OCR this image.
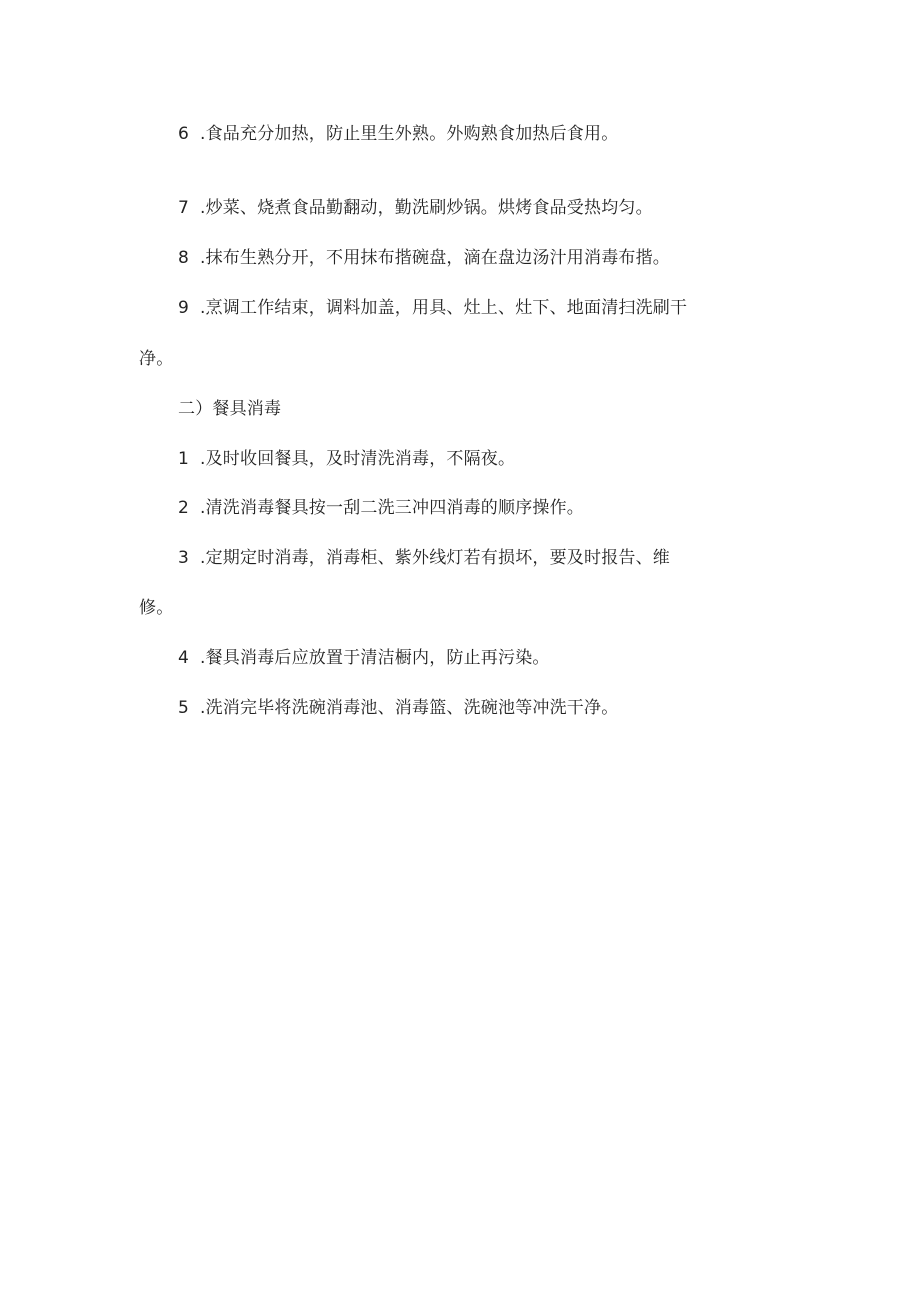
6 .食品充分加热，防止里生外熟。外购熟食加热后食用。
7 .炒菜、烧煮食品勤翻动，勤洗刷炒锅。烘烤食品受热均匀。
8 .抹布生熟分开，不用抹布揩碗盘，滴在盘边汤汁用消毒布揩。
9 .烹调工作结束，调料加盖，用具、灶上、灶下、地面清扫洗刷干
净。
二）餐具消毒
1 .及时收回餐具，及时清洗消毒，不隔夜。
2 .清洗消毒餐具按一刮二洗三冲四消毒的顺序操作。
3 .定期定时消毒，消毒柜、紫外线灯若有损坏，要及时报告、维
修。
4 .餐具消毒后应放置于清洁橱内，防止再污染。
5 .洗消完毕将洗碗消毒池、消毒篮、洗碗池等冲洗干净。
